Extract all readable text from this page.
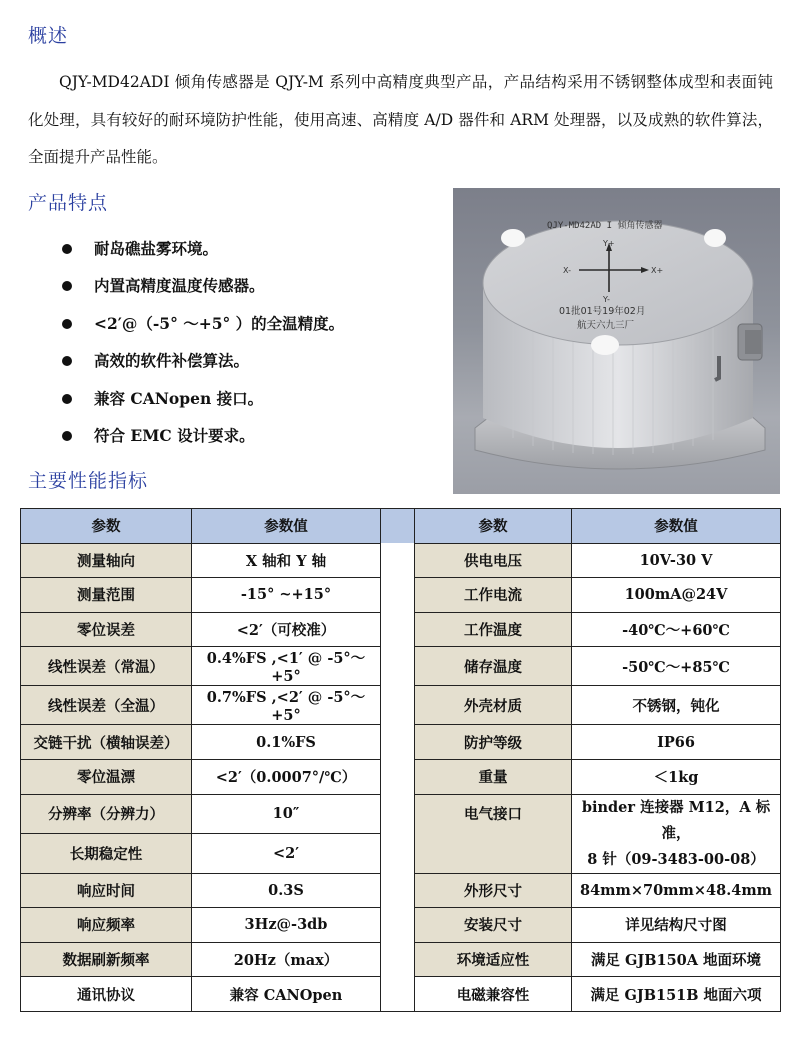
概述

QJY-MD42ADI 倾角传感器是 QJY-M 系列中高精度典型产品，产品结构采用不锈钢整体成型和表面钝化处理，具有较好的耐环境防护性能，使用高速、高精度 A/D 器件和 ARM 处理器，以及成熟的软件算法，全面提升产品性能。

产品特点
耐岛礁盐雾环境。
内置高精度温度传感器。
<2′@（-5° ～+5° ）的全温精度。
高效的软件补偿算法。
兼容 CANopen 接口。
符合 EMC 设计要求。
QJY-MD42AD I 倾角传感器
Y+
X-	X+
Y-
01批01号19年02月
航天六九三厂
主要性能指标
参数	参数值		参数	参数值
测量轴向	X 轴和 Y 轴		供电电压	10V-30 V
测量范围	-15° ~+15°		工作电流	100mA@24V
零位误差	<2′（可校准）		工作温度	-40℃～+60℃
线性误差（常温）	0.4%FS ,<1′ @ -5°～+5°		储存温度	-50℃～+85℃
线性误差（全温）	0.7%FS ,<2′ @ -5°～+5°		外壳材质	不锈钢，钝化
交链干扰（横轴误差）	0.1%FS		防护等级	IP66
零位温漂	<2′（0.0007°/℃）		重量	＜1kg
分辨率（分辨力）	10″		电气接口	binder 连接器 M12，A 标准，
8 针（09-3483-00-08）

长期稳定性	<2′			
响应时间	0.3S		外形尺寸	84mm×70mm×48.4mm
响应频率	3Hz@-3db		安装尺寸	详见结构尺寸图
数据刷新频率	20Hz（max）		环境适应性	满足 GJB150A 地面环境
通讯协议	兼容 CANOpen		电磁兼容性	满足 GJB151B 地面六项
